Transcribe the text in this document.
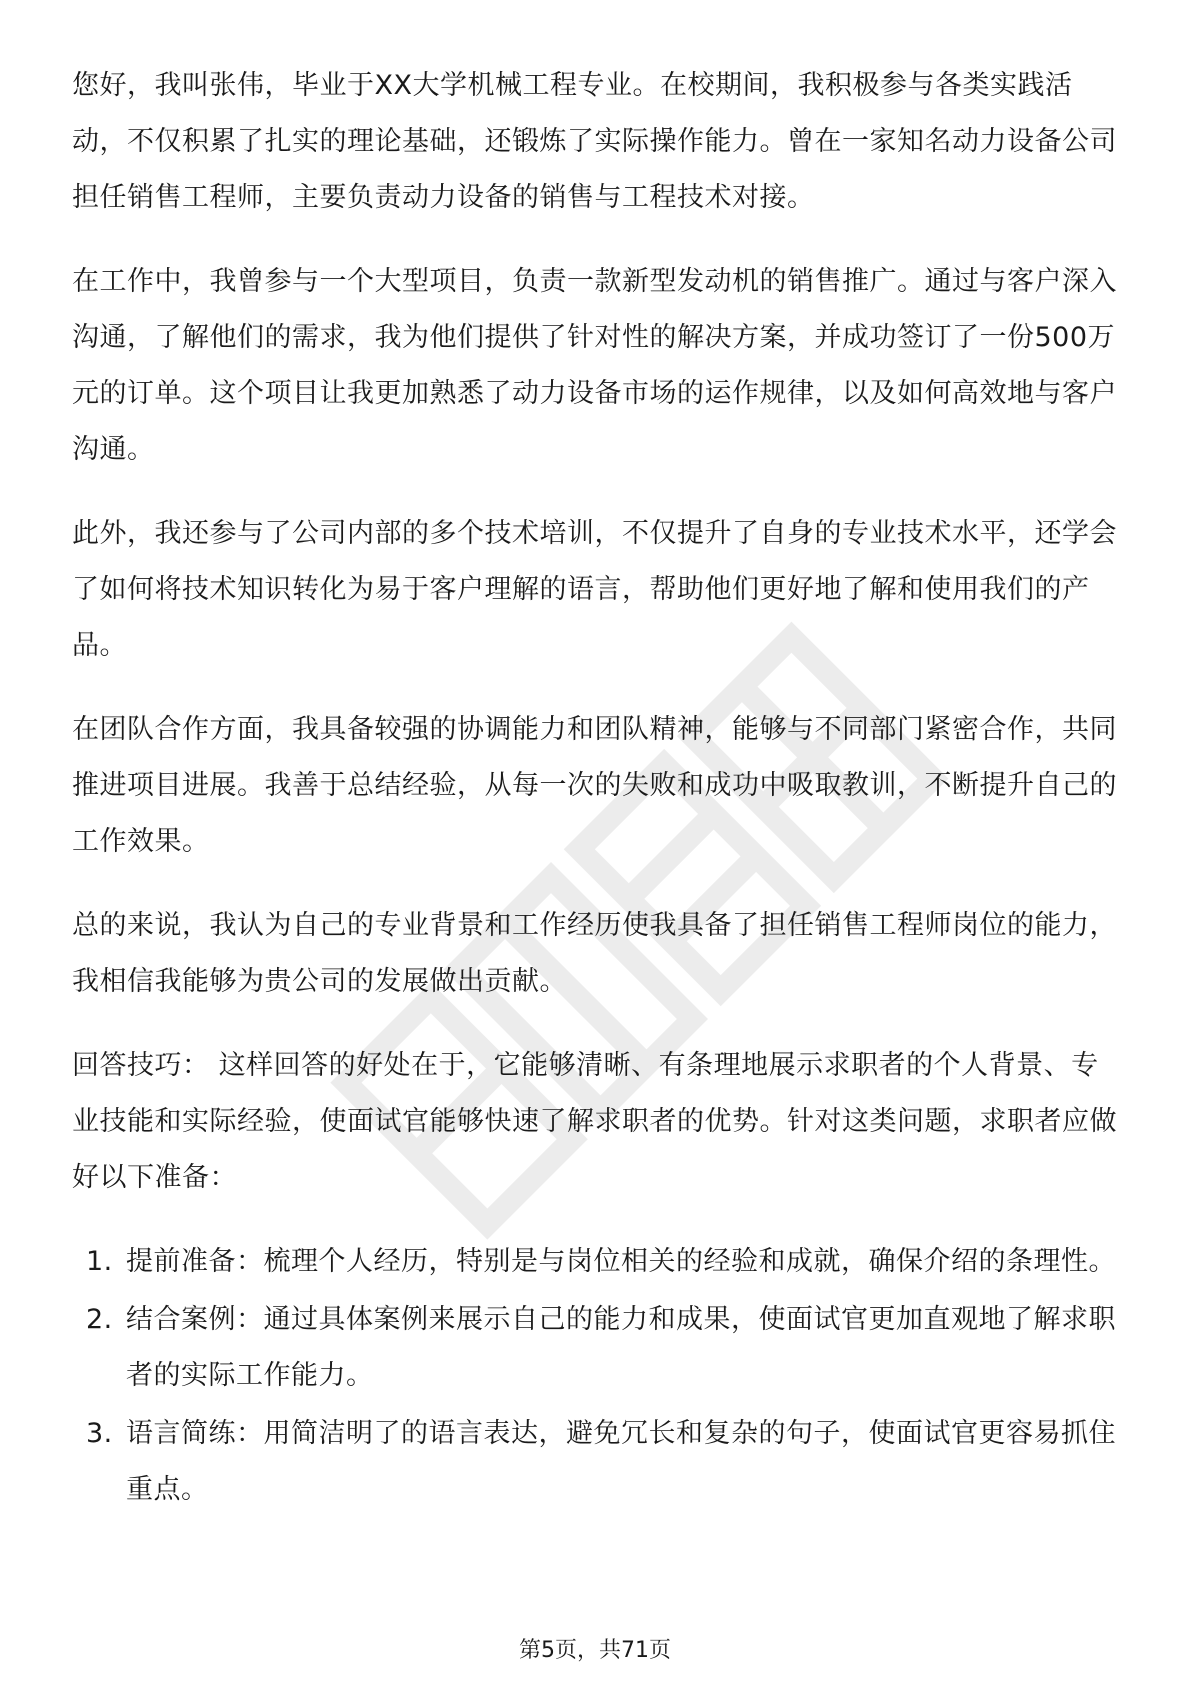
您好，我叫张伟，毕业于XX大学机械工程专业。在校期间，我积极参与各类实践活动，不仅积累了扎实的理论基础，还锻炼了实际操作能力。曾在一家知名动力设备公司担任销售工程师，主要负责动力设备的销售与工程技术对接。

在工作中，我曾参与一个大型项目，负责一款新型发动机的销售推广。通过与客户深入沟通，了解他们的需求，我为他们提供了针对性的解决方案，并成功签订了一份500万元的订单。这个项目让我更加熟悉了动力设备市场的运作规律，以及如何高效地与客户沟通。

此外，我还参与了公司内部的多个技术培训，不仅提升了自身的专业技术水平，还学会了如何将技术知识转化为易于客户理解的语言，帮助他们更好地了解和使用我们的产品。

在团队合作方面，我具备较强的协调能力和团队精神，能够与不同部门紧密合作，共同推进项目进展。我善于总结经验，从每一次的失败和成功中吸取教训，不断提升自己的工作效果。

总的来说，我认为自己的专业背景和工作经历使我具备了担任销售工程师岗位的能力，我相信我能够为贵公司的发展做出贡献。

回答技巧： 这样回答的好处在于，它能够清晰、有条理地展示求职者的个人背景、专业技能和实际经验，使面试官能够快速了解求职者的优势。针对这类问题，求职者应做好以下准备：

1. 提前准备：梳理个人经历，特别是与岗位相关的经验和成就，确保介绍的条理性。
2. 结合案例：通过具体案例来展示自己的能力和成果，使面试官更加直观地了解求职者的实际工作能力。
3. 语言简练：用简洁明了的语言表达，避免冗长和复杂的句子，使面试官更容易抓住重点。
第5页，共71页
